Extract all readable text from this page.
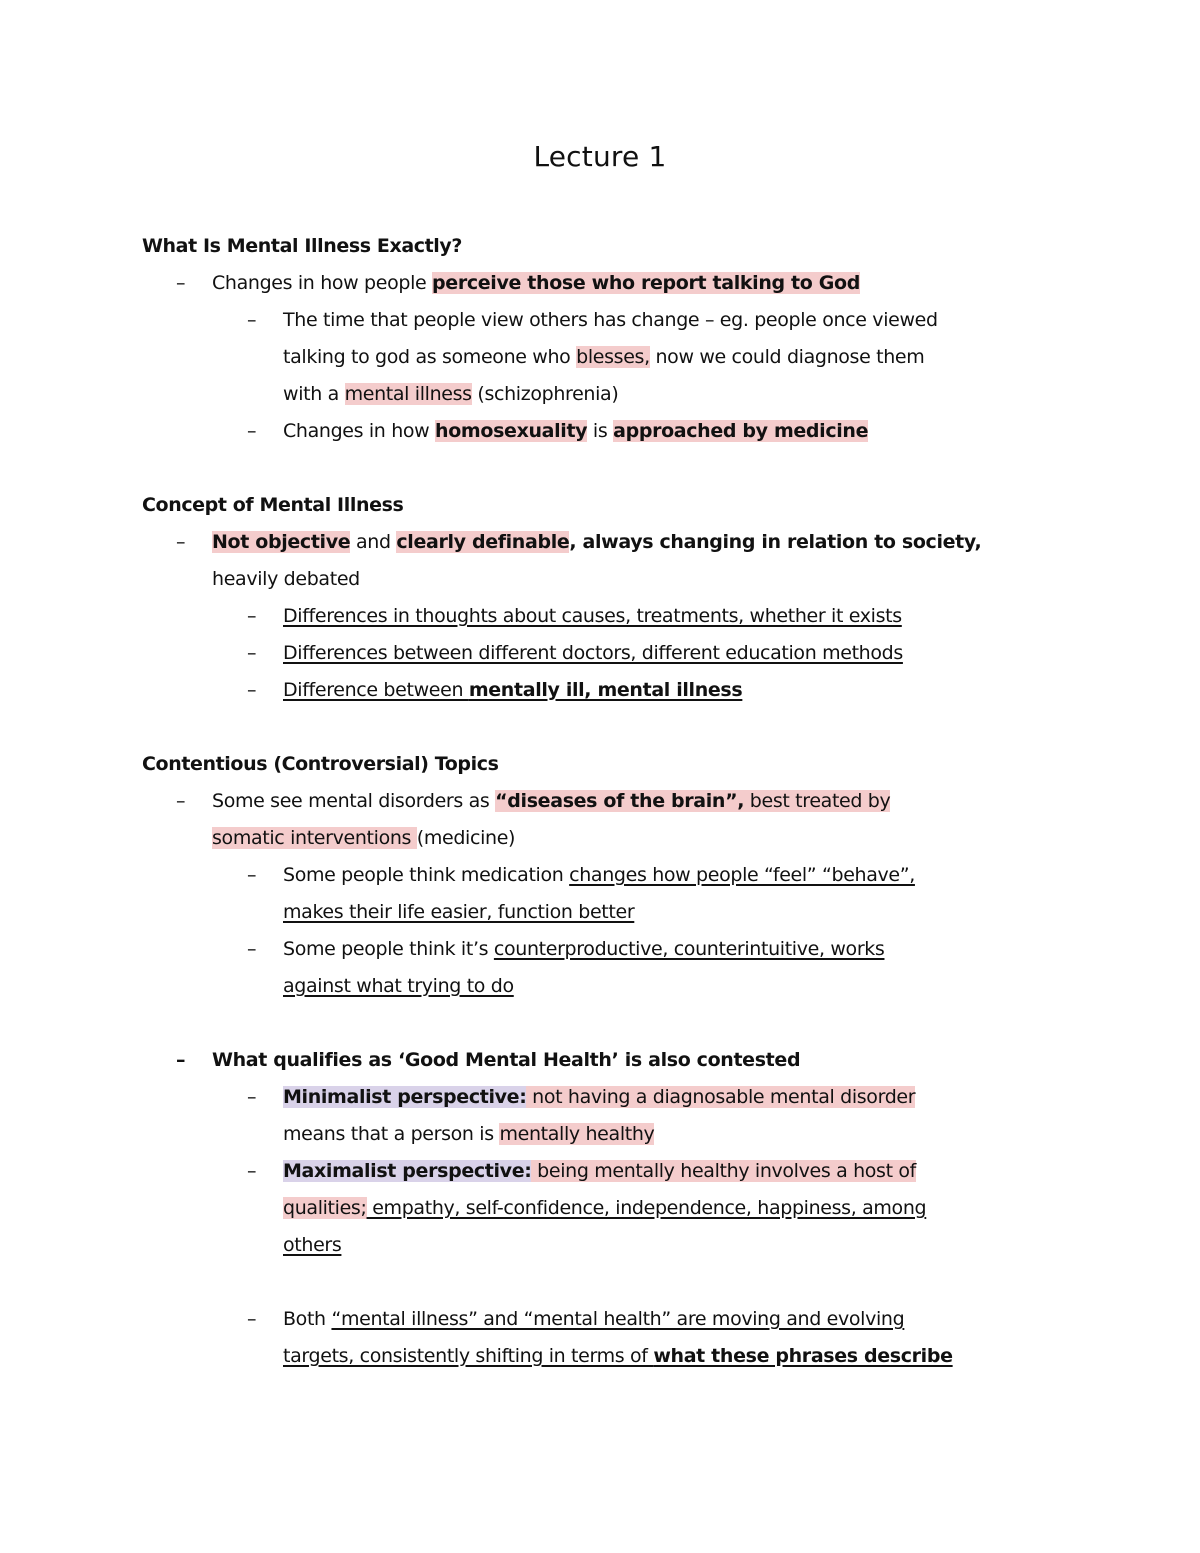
Lecture 1

What Is Mental Illness Exactly?

– Changes in how people perceive those who report talking to God

– The time that people view others has change – eg. people once viewed
talking to god as someone who blesses, now we could diagnose them
with a mental illness (schizophrenia)

– Changes in how homosexuality is approached by medicine

Concept of Mental Illness

– Not objective and clearly definable, always changing in relation to society,
heavily debated

– Differences in thoughts about causes, treatments, whether it exists

– Differences between different doctors, different education methods

– Difference between mentally ill, mental illness

Contentious (Controversial) Topics

– Some see mental disorders as “diseases of the brain”, best treated by
somatic interventions (medicine)

– Some people think medication changes how people “feel” “behave”,
makes their life easier, function better

– Some people think it’s counterproductive, counterintuitive, works
against what trying to do

– What qualifies as ‘Good Mental Health’ is also contested

– Minimalist perspective: not having a diagnosable mental disorder
means that a person is mentally healthy

– Maximalist perspective: being mentally healthy involves a host of
qualities; empathy, self-confidence, independence, happiness, among
others

– Both “mental illness” and “mental health” are moving and evolving
targets, consistently shifting in terms of what these phrases describe
